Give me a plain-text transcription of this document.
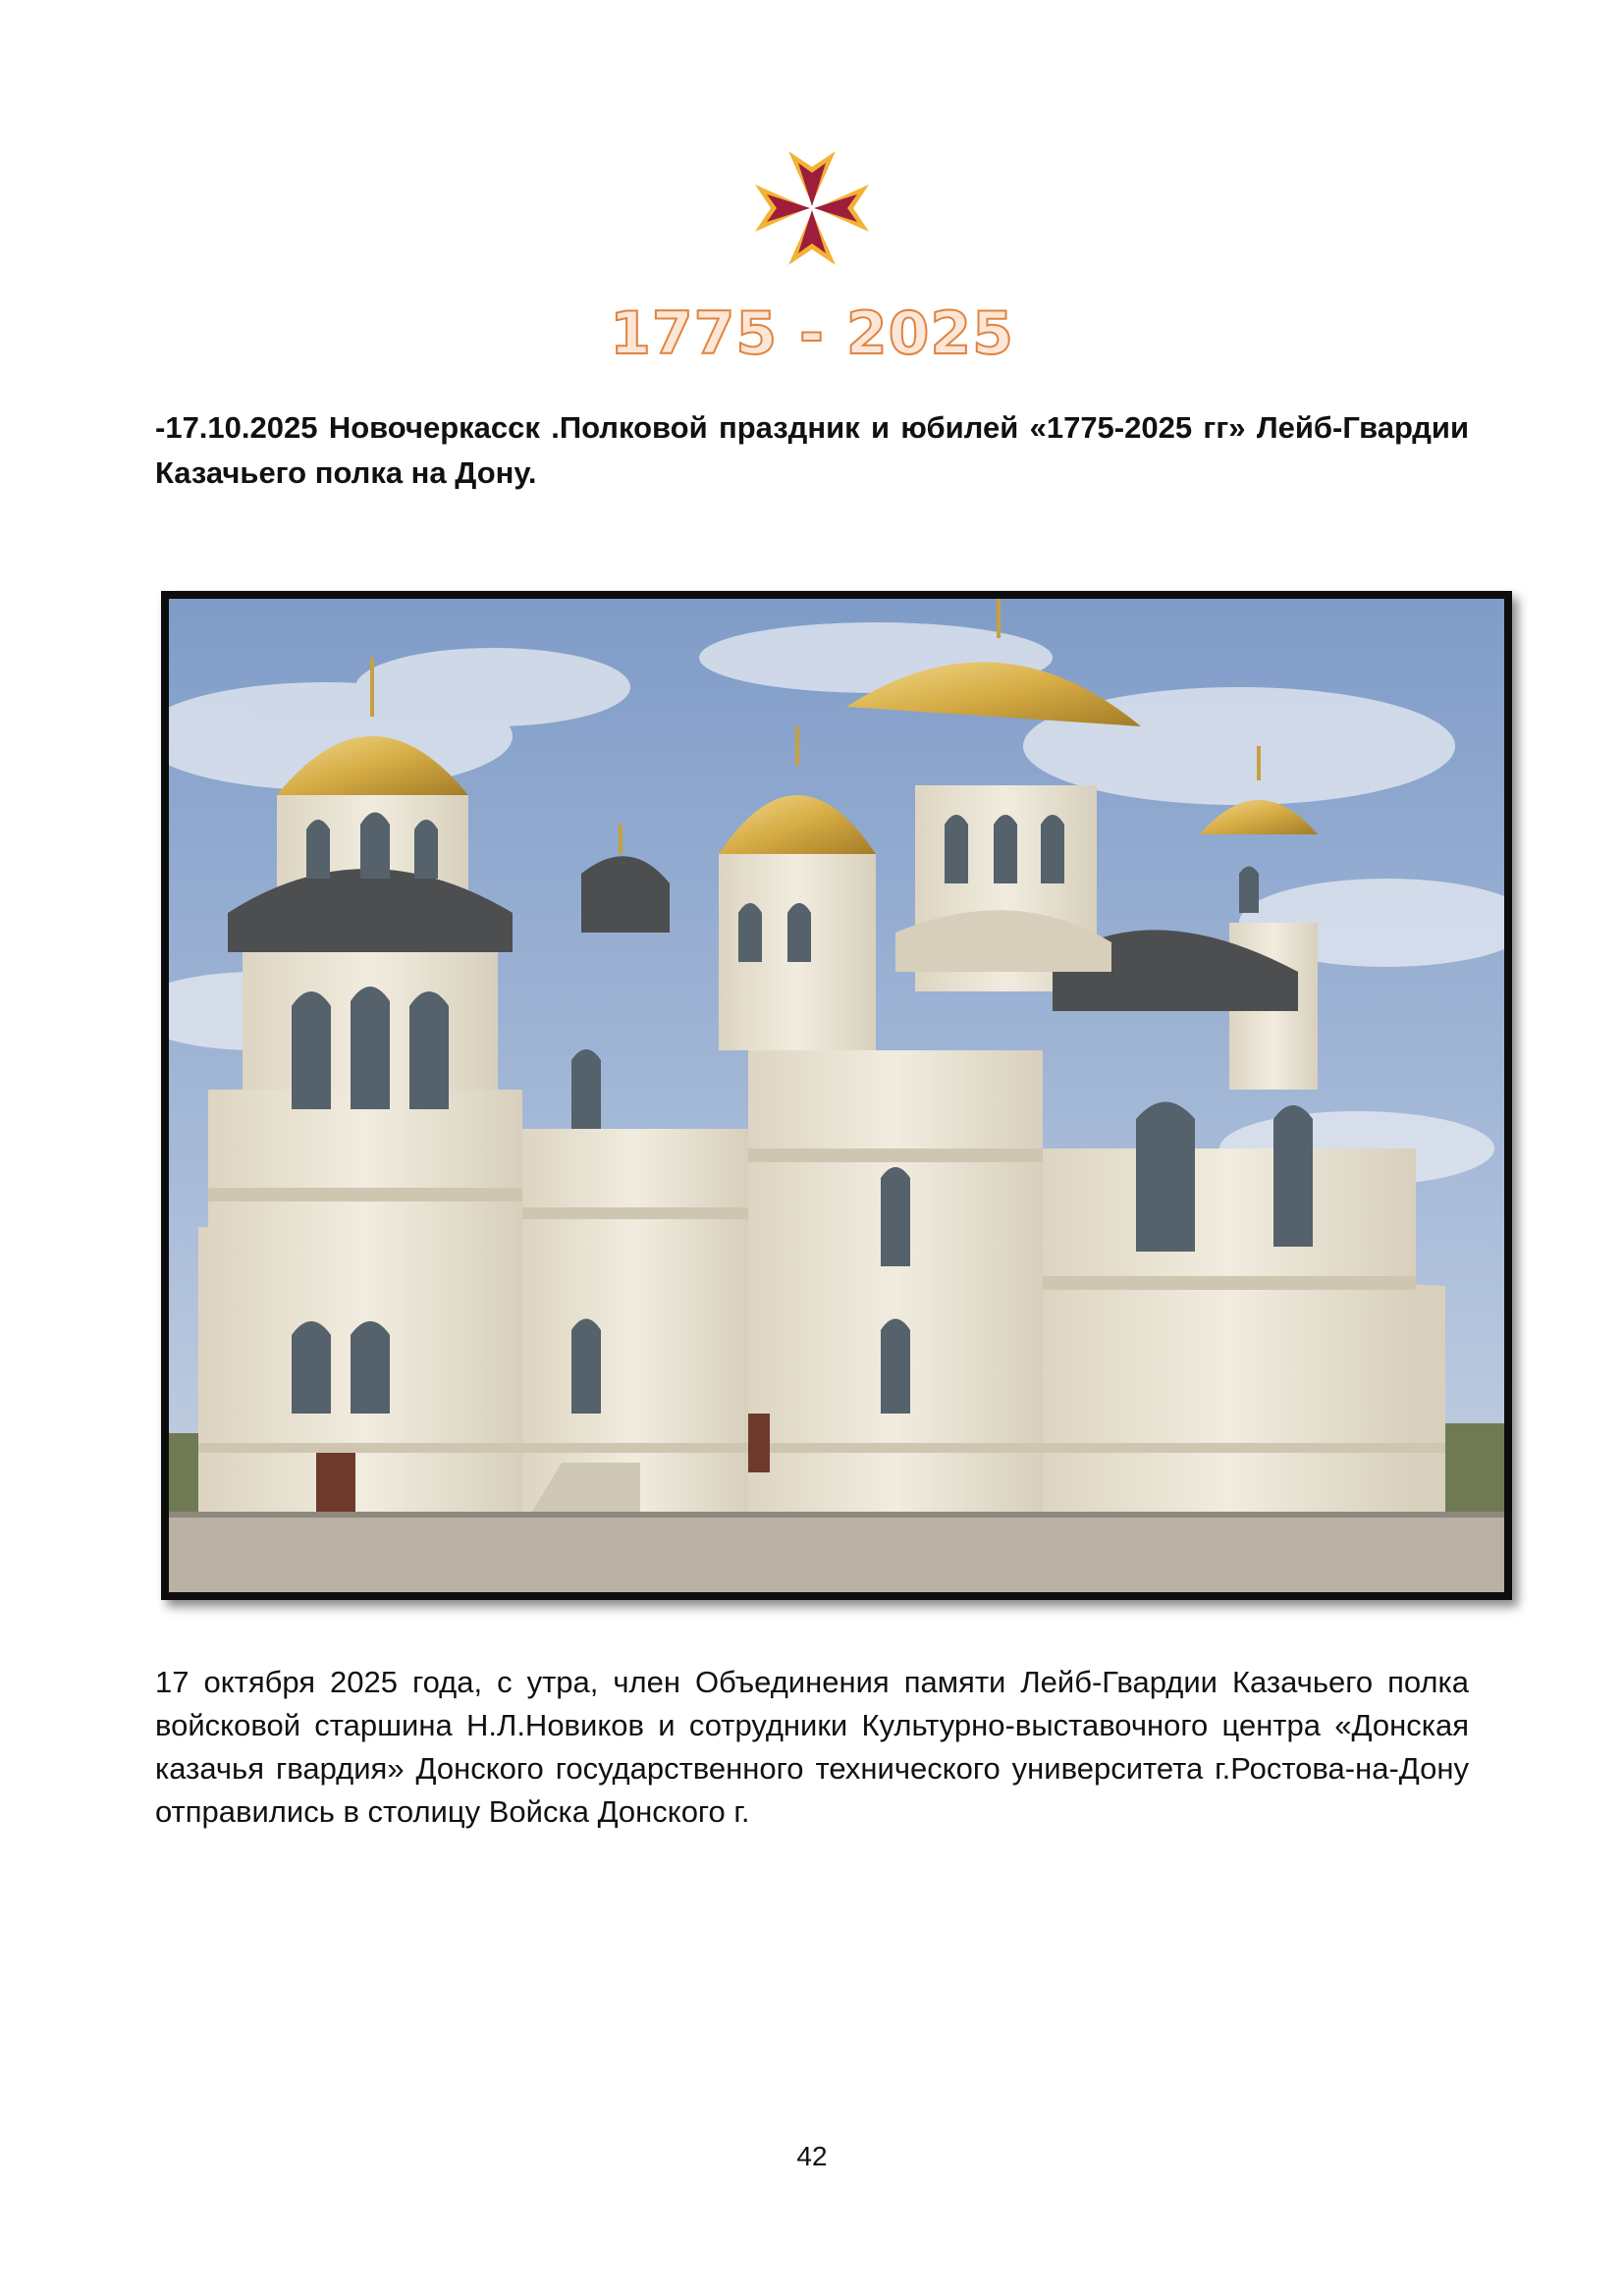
1775 - 2025

-17.10.2025 Новочеркасск .Полковой праздник и юбилей «1775-2025 гг» Лейб-Гвардии Казачьего полка на Дону.

17 октября 2025 года, с утра, член Объединения памяти Лейб-Гвардии Казачьего полка войсковой старшина Н.Л.Новиков и сотрудники Культурно-выставочного центра «Донская казачья гвардия» Донского государственного технического университета г.Ростова-на-Дону отправились в столицу Войска Донского г.

42
